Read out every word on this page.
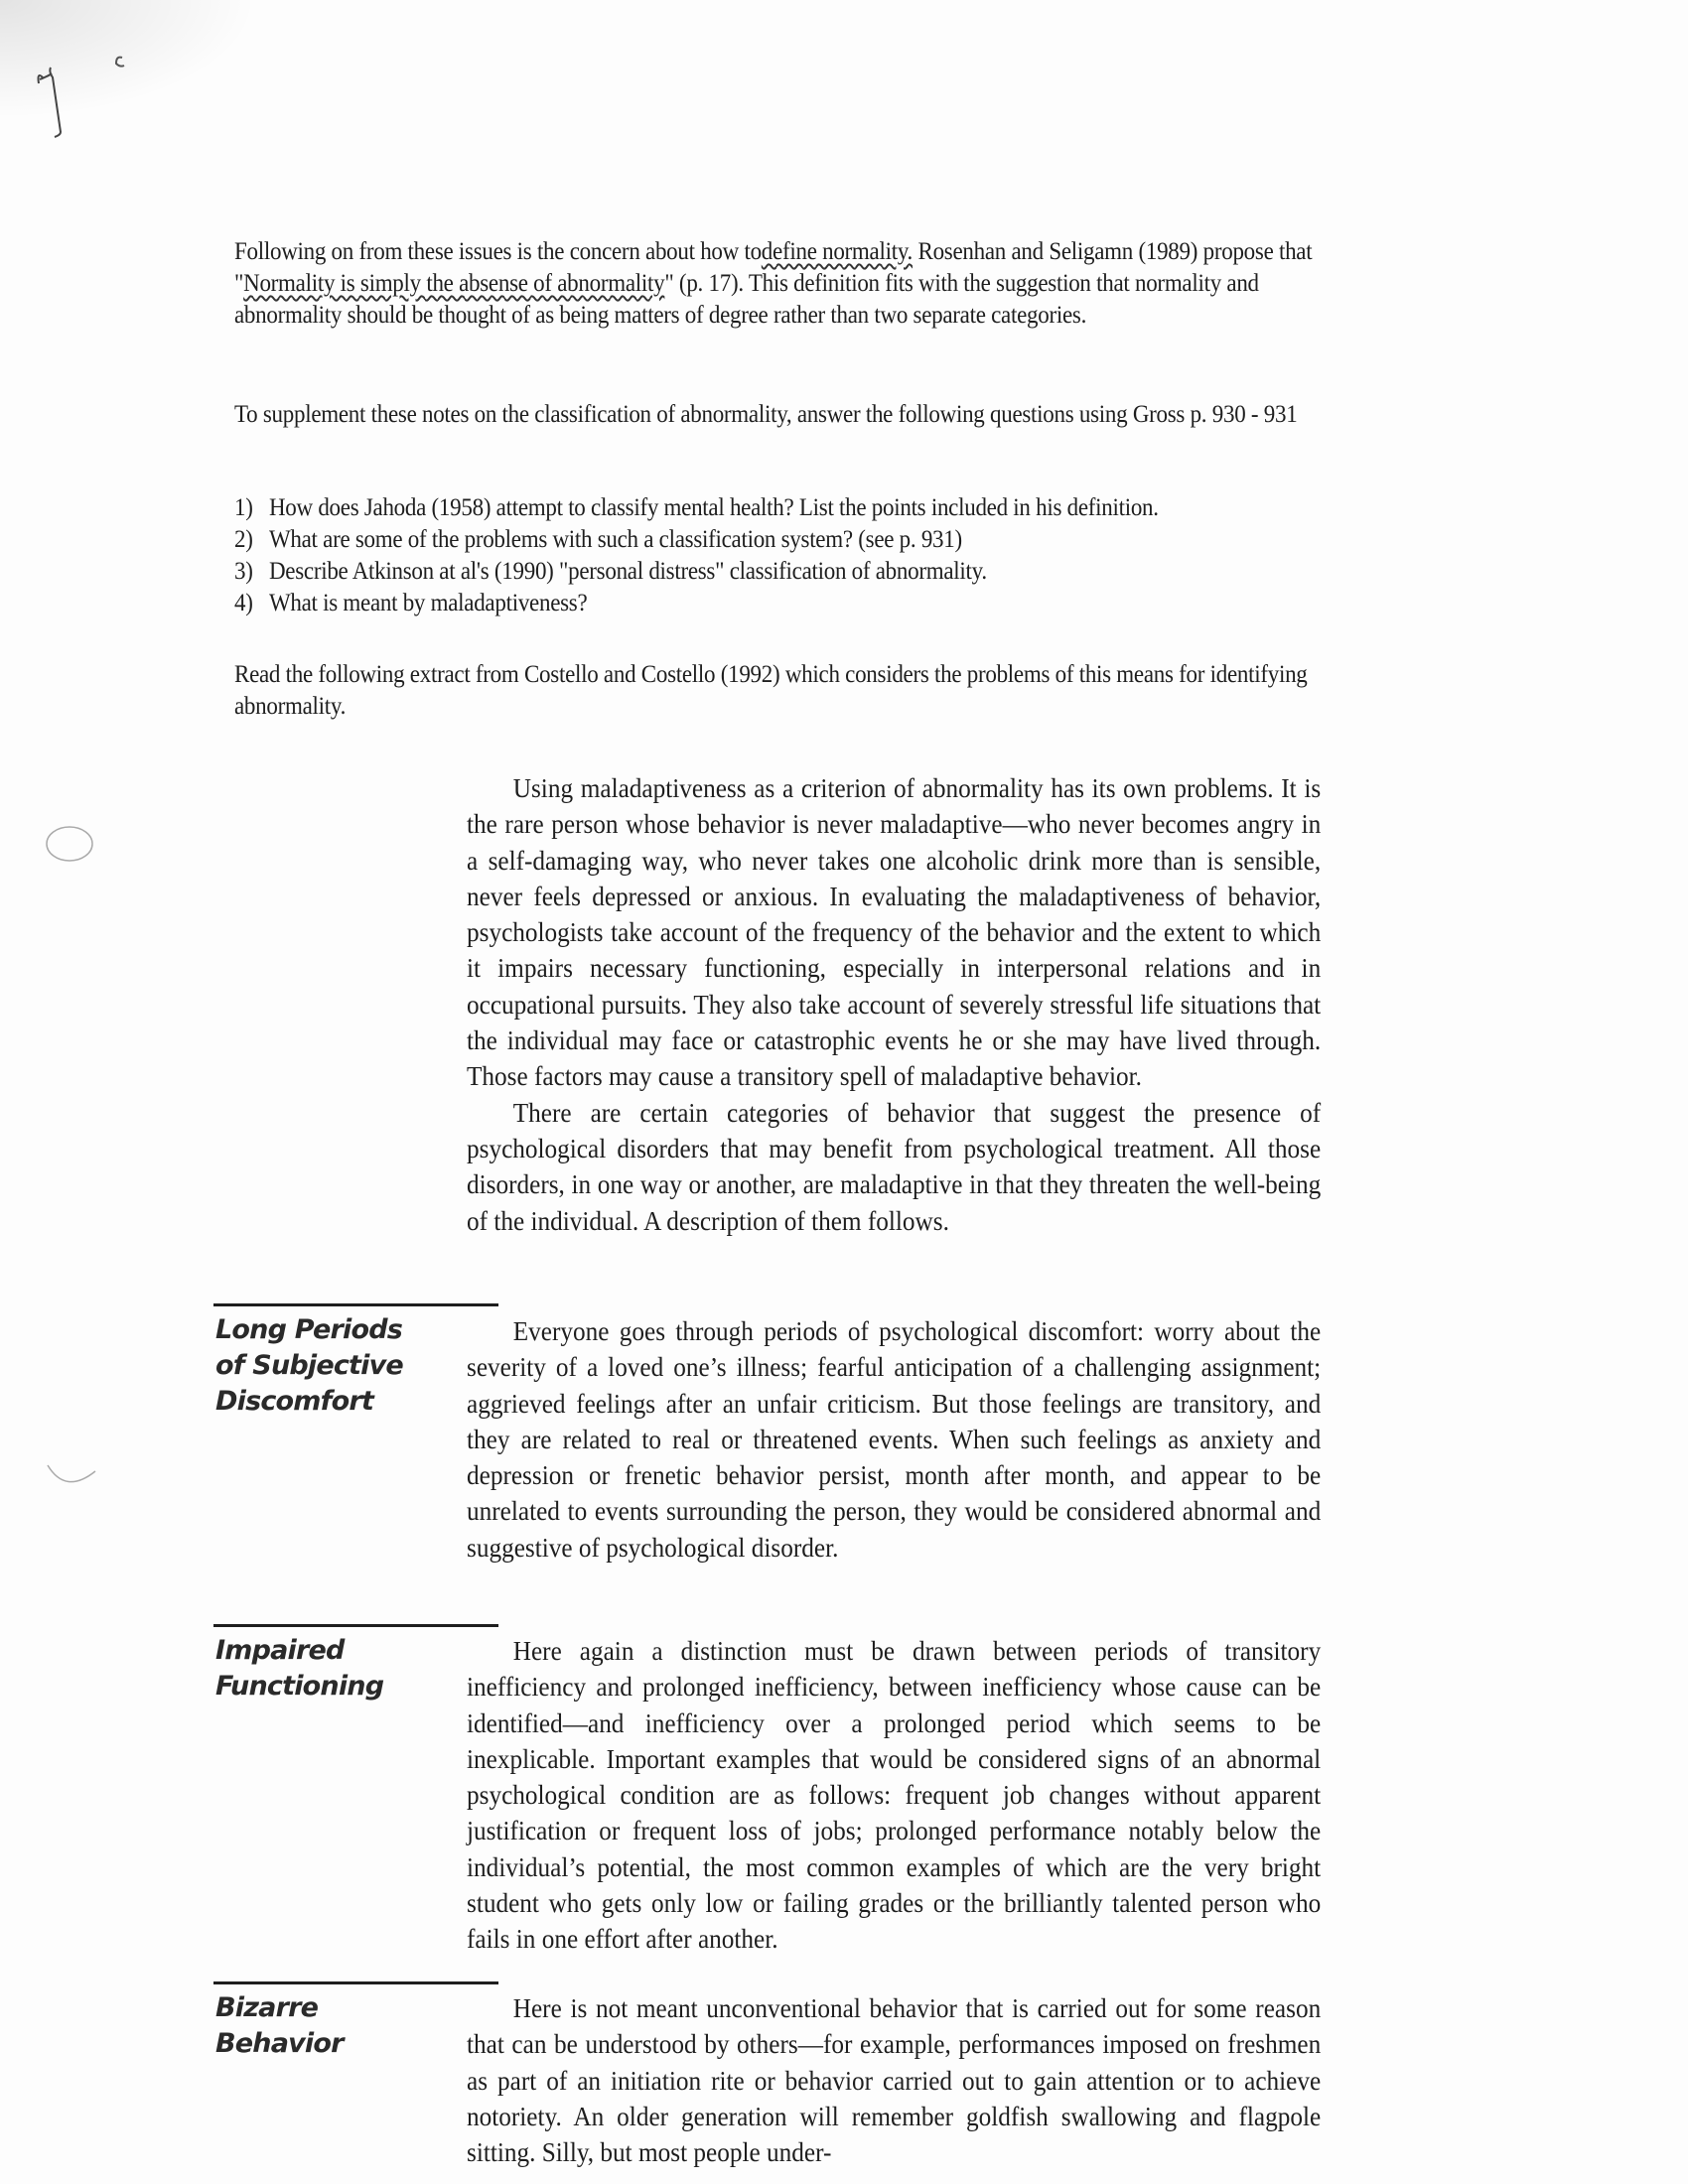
Following on from these issues is the concern about how todefine normality. Rosenhan and Seligamn (1989) propose that "Normality is simply the absense of abnormality" (p. 17). This definition fits with the suggestion that normality and abnormality should be thought of as being matters of degree rather than two separate categories.

To supplement these notes on the classification of abnormality, answer the following questions using Gross p. 930 - 931

1) How does Jahoda (1958) attempt to classify mental health? List the points included in his definition.
2) What are some of the problems with such a classification system? (see p. 931)
3) Describe Atkinson at al's (1990) "personal distress" classification of abnormality.
4) What is meant by maladaptiveness?

Read the following extract from Costello and Costello (1992) which considers the problems of this means for identifying abnormality.

Using maladaptiveness as a criterion of abnormality has its own problems. It is the rare person whose behavior is never maladaptive—who never becomes angry in a self-damaging way, who never takes one alcoholic drink more than is sensible, never feels depressed or anxious. In evaluating the maladaptiveness of behavior, psychologists take account of the frequency of the behavior and the extent to which it impairs necessary functioning, especially in interpersonal relations and in occupational pursuits. They also take account of severely stressful life situations that the individual may face or catastrophic events he or she may have lived through. Those factors may cause a transitory spell of maladaptive behavior.

There are certain categories of behavior that suggest the presence of psychological disorders that may benefit from psychological treatment. All those disorders, in one way or another, are maladaptive in that they threaten the well-being of the individual. A description of them follows.

Long Periods
of Subjective
Discomfort

Everyone goes through periods of psychological discomfort: worry about the severity of a loved one’s illness; fearful anticipation of a challenging assignment; aggrieved feelings after an unfair criticism. But those feelings are transitory, and they are related to real or threatened events. When such feelings as anxiety and depression or frenetic behavior persist, month after month, and appear to be unrelated to events surrounding the person, they would be considered abnormal and suggestive of psychological disorder.

Impaired
Functioning

Here again a distinction must be drawn between periods of transitory inefficiency and prolonged inefficiency, between inefficiency whose cause can be identified—and inefficiency over a prolonged period which seems to be inexplicable. Important examples that would be considered signs of an abnormal psychological condition are as follows: frequent job changes without apparent justification or frequent loss of jobs; prolonged performance notably below the individual’s potential, the most common examples of which are the very bright student who gets only low or failing grades or the brilliantly talented person who fails in one effort after another.

Bizarre
Behavior

Here is not meant unconventional behavior that is carried out for some reason that can be understood by others—for example, performances imposed on freshmen as part of an initiation rite or behavior carried out to gain attention or to achieve notoriety. An older generation will remember goldfish swallowing and flagpole sitting. Silly, but most people under-
